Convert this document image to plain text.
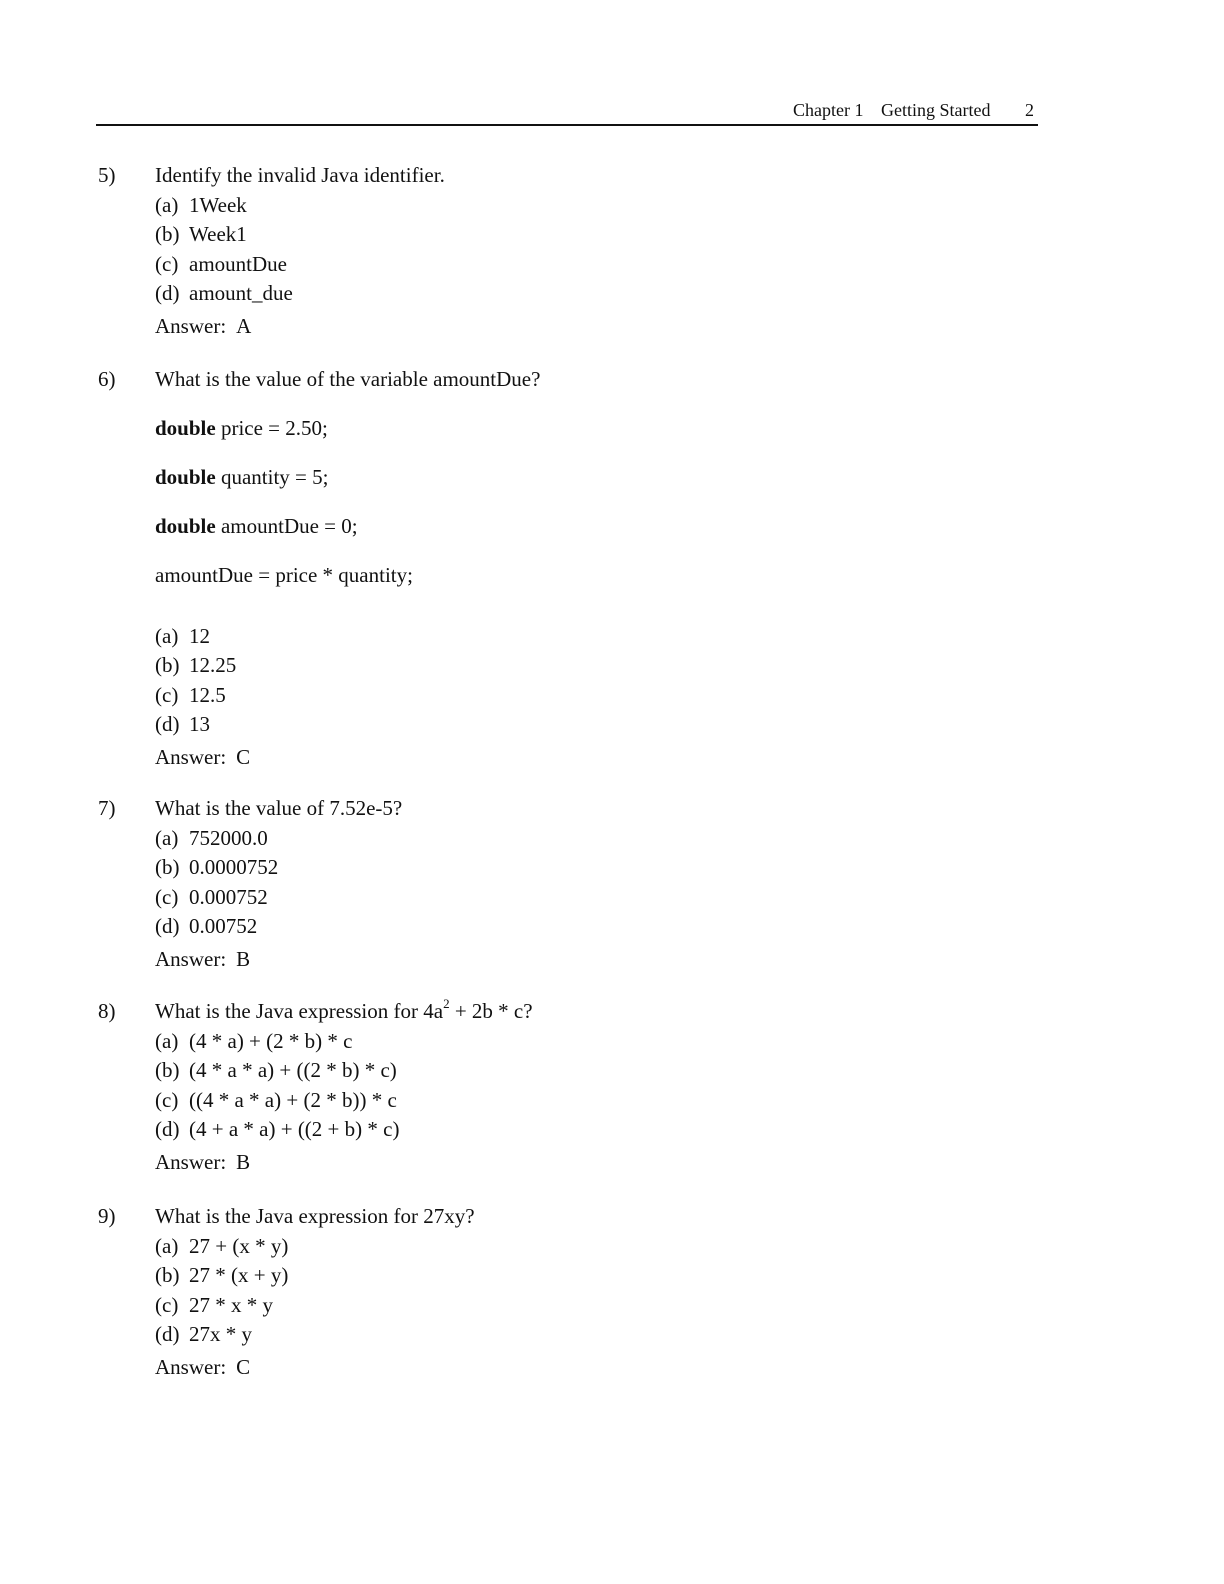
Chapter 1 Getting Started 2
5) Identify the invalid Java identifier.
(a) 1Week
(b) Week1
(c) amountDue
(d) amount_due
Answer: A
6) What is the value of the variable amountDue?
double price = 2.50;
double quantity = 5;
double amountDue = 0;
amountDue = price * quantity;
(a) 12
(b) 12.25
(c) 12.5
(d) 13
Answer: C
7) What is the value of 7.52e-5?
(a) 752000.0
(b) 0.0000752
(c) 0.000752
(d) 0.00752
Answer: B
8) What is the Java expression for $4a^2 + 2b * c$?
(a) (4 * a) + (2 * b) * c
(b) (4 * a * a) + ((2 * b) * c)
(c) ((4 * a * a) + (2 * b)) * c
(d) (4 + a * a) + ((2 + b) * c)
Answer: B
9) What is the Java expression for 27xy?
(a) 27 + (x * y)
(b) 27 * (x + y)
(c) 27 * x * y
(d) 27x * y
Answer: C
